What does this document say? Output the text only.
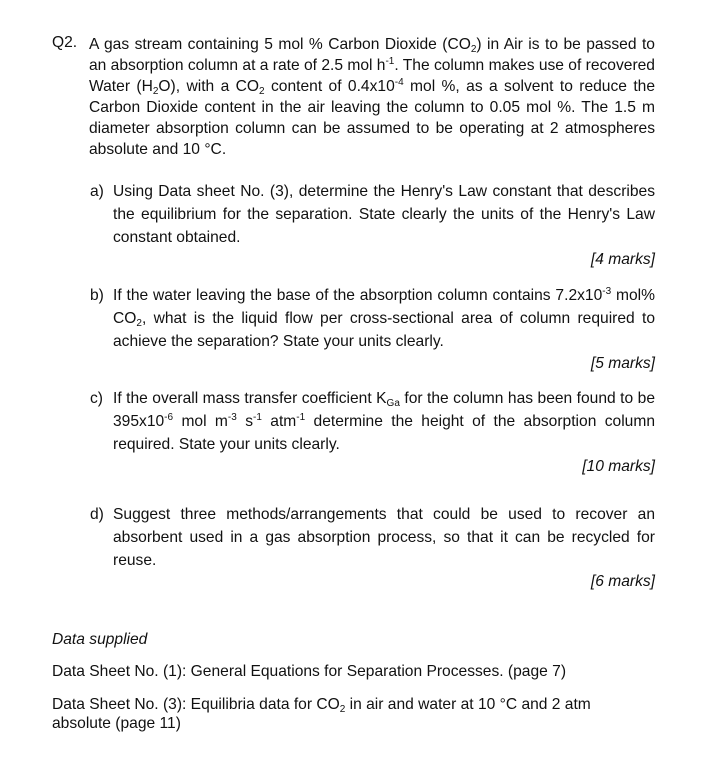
Q2. A gas stream containing 5 mol % Carbon Dioxide $(CO_2)$ in Air is to be passed to an absorption column at a rate of 2.5 mol $h^{-1}$. The column makes use of recovered Water $(H_2O)$, with a $CO_2$ content of $0.4x10^{-4}$ mol %, as a solvent to reduce the Carbon Dioxide content in the air leaving the column to 0.05 mol %. The 1.5 m diameter absorption column can be assumed to be operating at 2 atmospheres absolute and 10 °C.
a) Using Data sheet No. (3), determine the Henry's Law constant that describes the equilibrium for the separation. State clearly the units of the Henry's Law constant obtained.
[4 marks]
b) If the water leaving the base of the absorption column contains $7.2x10^{-3}$ mol% $CO_2$, what is the liquid flow per cross-sectional area of column required to achieve the separation? State your units clearly.
[5 marks]
c) If the overall mass transfer coefficient $K_{Ga}$ for the column has been found to be $395x10^{-6}$ mol $m^{-3}$ $s^{-1}$ atm$^{-1}$ determine the height of the absorption column required. State your units clearly.
[10 marks]
d) Suggest three methods/arrangements that could be used to recover an absorbent used in a gas absorption process, so that it can be recycled for reuse.
[6 marks]
Data supplied
Data Sheet No. (1): General Equations for Separation Processes. (page 7)
Data Sheet No. (3): Equilibria data for $CO_2$ in air and water at 10 °C and 2 atm absolute (page 11)
